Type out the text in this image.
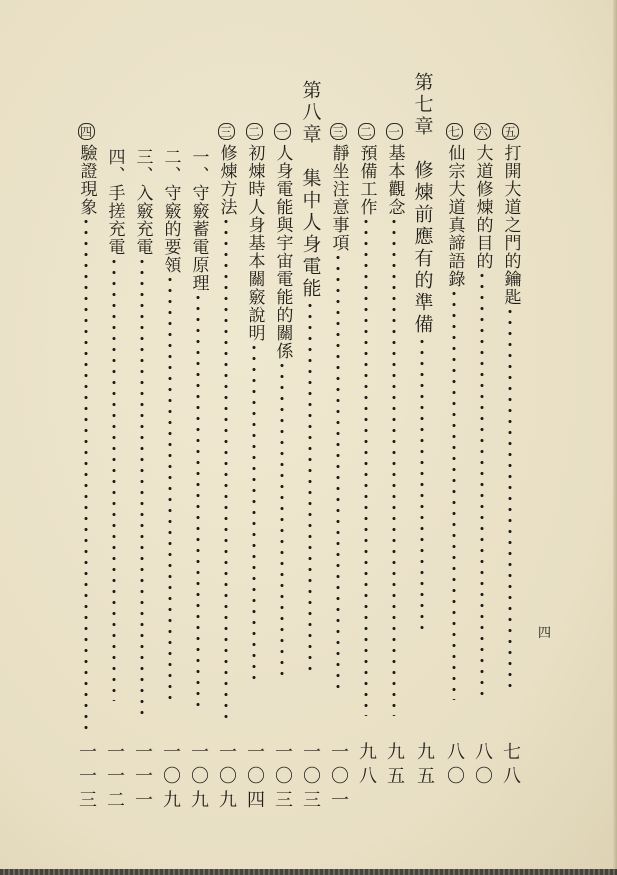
五
打開大道之門的鑰匙
七八
六
大道修煉的目的
八〇
七
仙宗大道真諦語錄
八〇
第七章　修煉前應有的準備
九五
一
基本觀念
九五
二
預備工作
九八
三
靜坐注意事項
一〇一
第八章　集中人身電能
一〇三
一
人身電能與宇宙電能的關係
一〇三
二
初煉時人身基本關竅說明
一〇四
三
修煉方法
一〇九
一、守竅蓄電原理
一〇九
二、守竅的要領
一〇九
三、入竅充電
一一一
四、手搓充電
一一二
四
驗證現象
一一三
四
